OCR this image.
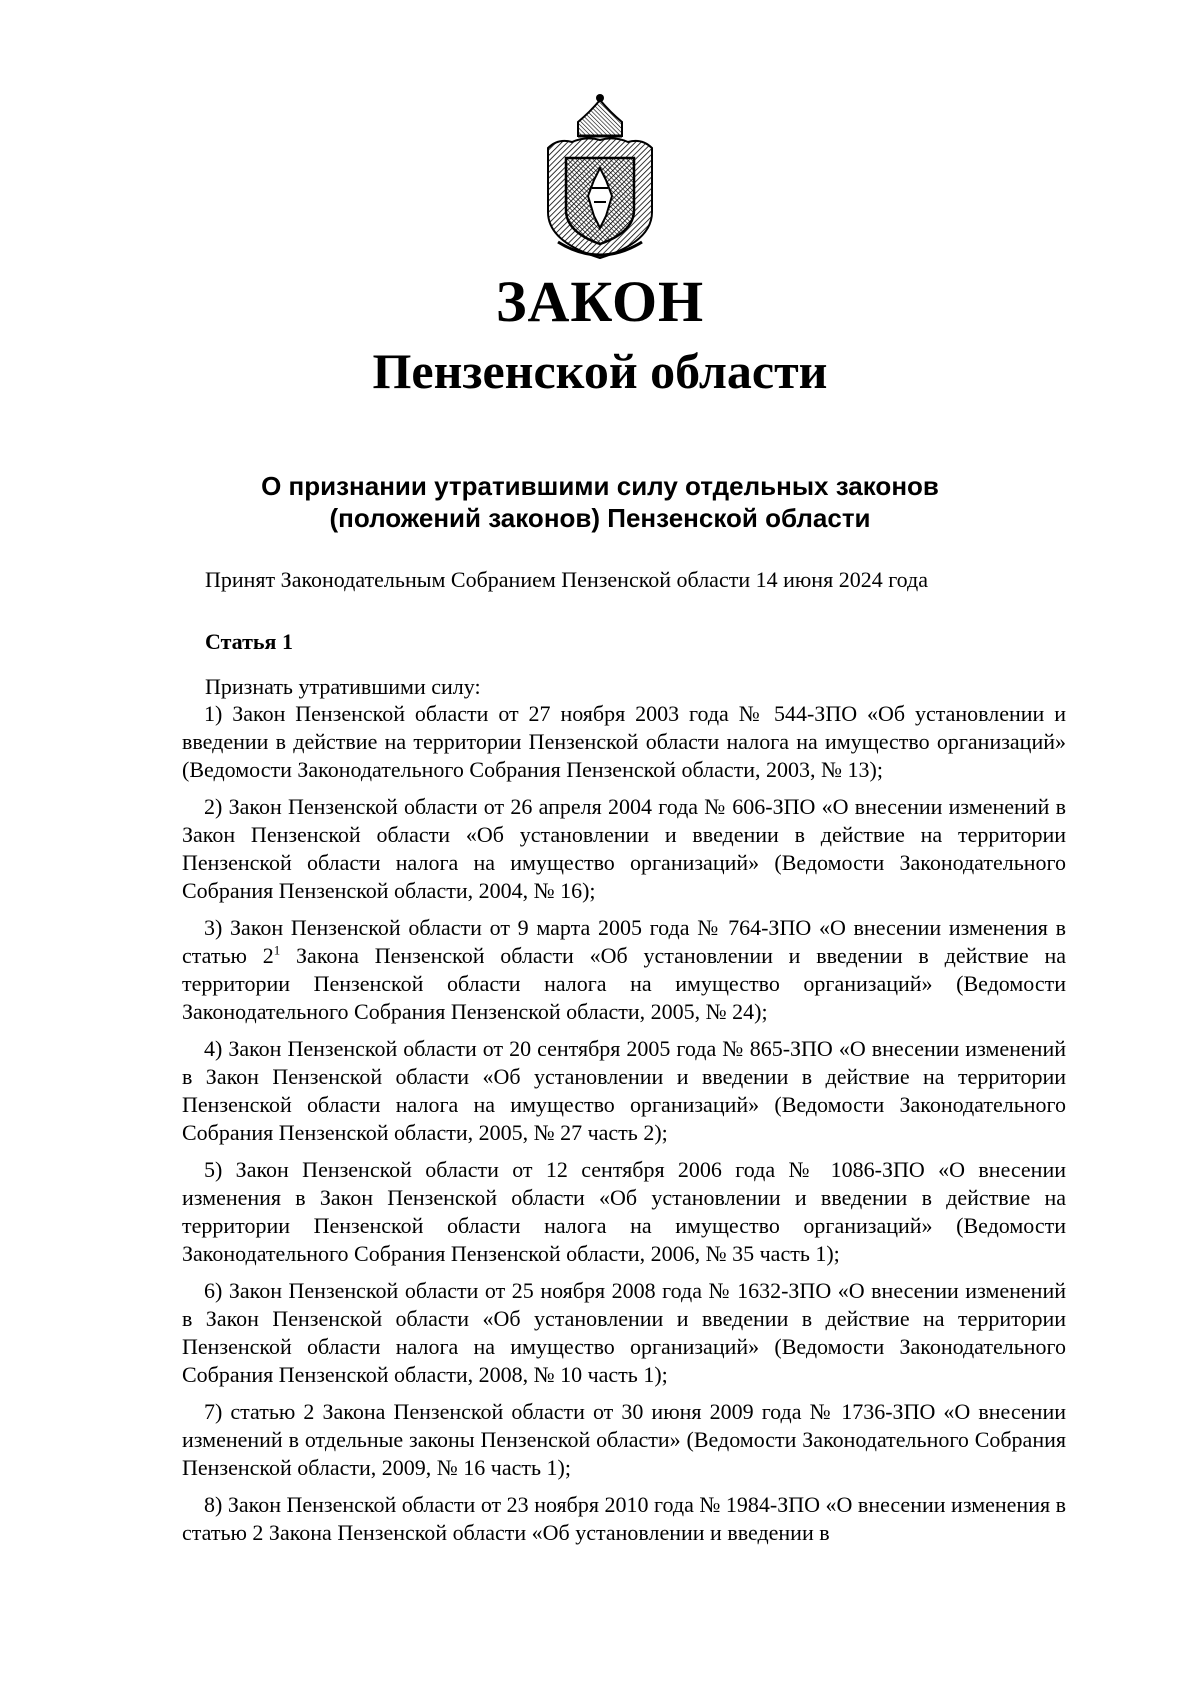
ЗАКОН
Пензенской области
О признании утратившими силу отдельных законов
(положений законов) Пензенской области
Принят Законодательным Собранием Пензенской области 14 июня 2024 года
Статья 1
Признать утратившими силу:

1) Закон Пензенской области от 27 ноября 2003 года № 544-ЗПО «Об установлении и введении в действие на территории Пензенской области налога на имущество организаций» (Ведомости Законодательного Собрания Пензенской области, 2003, № 13);

2) Закон Пензенской области от 26 апреля 2004 года № 606-ЗПО «О внесении изменений в Закон Пензенской области «Об установлении и введении в действие на территории Пензенской области налога на имущество организаций» (Ведомости Законодательного Собрания Пензенской области, 2004, № 16);

3) Закон Пензенской области от 9 марта 2005 года № 764-ЗПО «О внесении изменения в статью $2^1$ Закона Пензенской области «Об установлении и введении в действие на территории Пензенской области налога на имущество организаций» (Ведомости Законодательного Собрания Пензенской области, 2005, № 24);

4) Закон Пензенской области от 20 сентября 2005 года № 865-ЗПО «О внесении изменений в Закон Пензенской области «Об установлении и введении в действие на территории Пензенской области налога на имущество организаций» (Ведомости Законодательного Собрания Пензенской области, 2005, № 27 часть 2);

5) Закон Пензенской области от 12 сентября 2006 года № 1086-ЗПО «О внесении изменения в Закон Пензенской области «Об установлении и введении в действие на территории Пензенской области налога на имущество организаций» (Ведомости Законодательного Собрания Пензенской области, 2006, № 35 часть 1);

6) Закон Пензенской области от 25 ноября 2008 года № 1632-ЗПО «О внесении изменений в Закон Пензенской области «Об установлении и введении в действие на территории Пензенской области налога на имущество организаций» (Ведомости Законодательного Собрания Пензенской области, 2008, № 10 часть 1);

7) статью 2 Закона Пензенской области от 30 июня 2009 года № 1736-ЗПО «О внесении изменений в отдельные законы Пензенской области» (Ведомости Законодательного Собрания Пензенской области, 2009, № 16 часть 1);

8) Закон Пензенской области от 23 ноября 2010 года № 1984-ЗПО «О внесении изменения в статью 2 Закона Пензенской области «Об установлении и введении в
